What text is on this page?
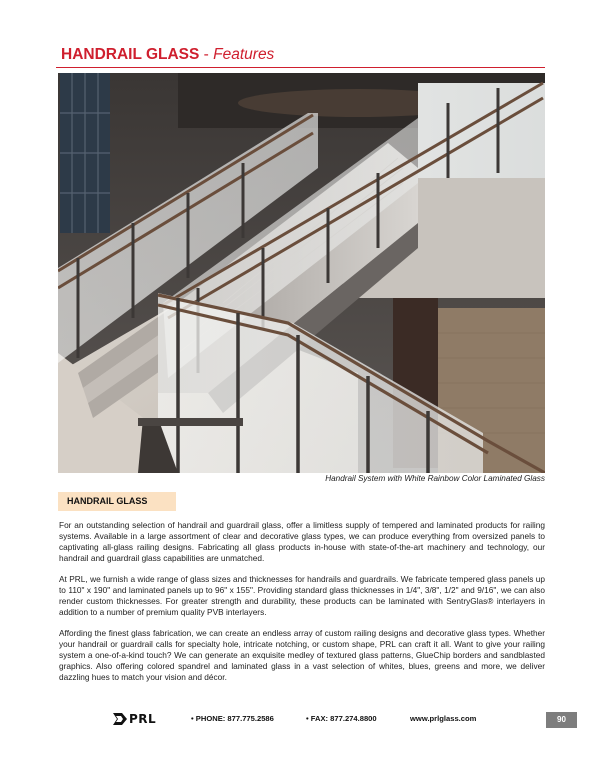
HANDRAIL GLASS - Features
Handrail System with White Rainbow Color Laminated Glass
HANDRAIL GLASS

For an outstanding selection of handrail and guardrail glass, offer a limitless supply of tempered and laminated products for railing systems. Available in a large assortment of clear and decorative glass types, we can produce everything from oversized panels to captivating all-glass railing designs. Fabricating all glass products in-house with state-of-the-art machinery and technology, our handrail and guardrail glass capabilities are unmatched.

At PRL, we furnish a wide range of glass sizes and thicknesses for handrails and guardrails. We fabricate tempered glass panels up to 110" x 190" and laminated panels up to 96" x 155". Providing standard glass thicknesses in 1/4", 3/8", 1/2" and 9/16", we can also render custom thicknesses. For greater strength and durability, these products can be laminated with SentryGlas® interlayers in addition to a number of premium quality PVB interlayers.

Affording the finest glass fabrication, we can create an endless array of custom railing designs and decorative glass types. Whether your handrail or guardrail calls for specialty hole, intricate notching, or custom shape, PRL can craft it all. Want to give your railing system a one-of-a-kind touch? We can generate an exquisite medley of textured glass patterns, GlueChip borders and sandblasted graphics. Also offering colored spandrel and laminated glass in a vast selection of whites, blues, greens and more, we deliver dazzling hues to match your vision and décor.

PRL	• PHONE: 877.775.2586	• FAX: 877.274.8800	www.prlglass.com	90
